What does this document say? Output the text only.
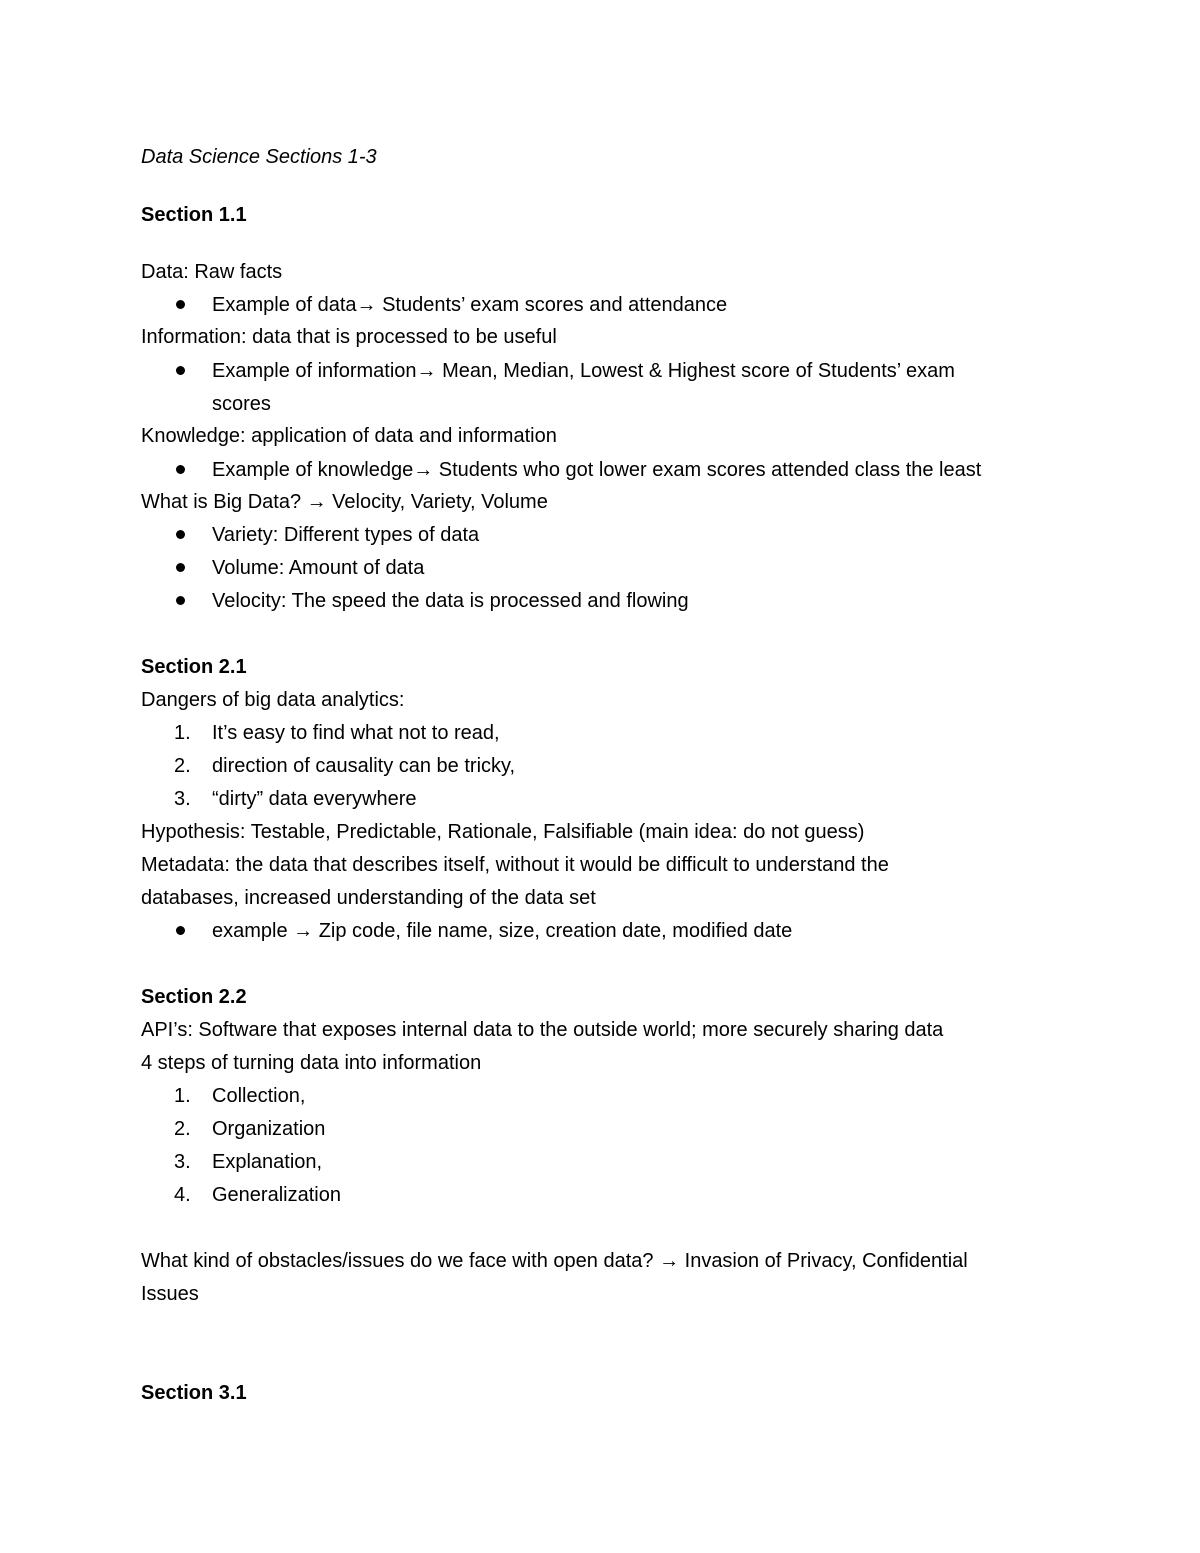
Data Science Sections 1-3
Section 1.1
Data: Raw facts
Example of data→ Students’ exam scores and attendance
Information: data that is processed to be useful
Example of information→ Mean, Median, Lowest & Highest score of Students’ exam
scores
Knowledge: application of data and information
Example of knowledge→ Students who got lower exam scores attended class the least
What is Big Data? → Velocity, Variety, Volume
Variety: Different types of data
Volume: Amount of data
Velocity: The speed the data is processed and flowing
Section 2.1
Dangers of big data analytics:
1. It’s easy to find what not to read,
2. direction of causality can be tricky,
3. “dirty” data everywhere
Hypothesis: Testable, Predictable, Rationale, Falsifiable (main idea: do not guess)
Metadata: the data that describes itself, without it would be difficult to understand the
databases, increased understanding of the data set
example → Zip code, file name, size, creation date, modified date
Section 2.2
API’s: Software that exposes internal data to the outside world; more securely sharing data
4 steps of turning data into information
1. Collection,
2. Organization
3. Explanation,
4. Generalization
What kind of obstacles/issues do we face with open data? → Invasion of Privacy, Confidential
Issues
Section 3.1
